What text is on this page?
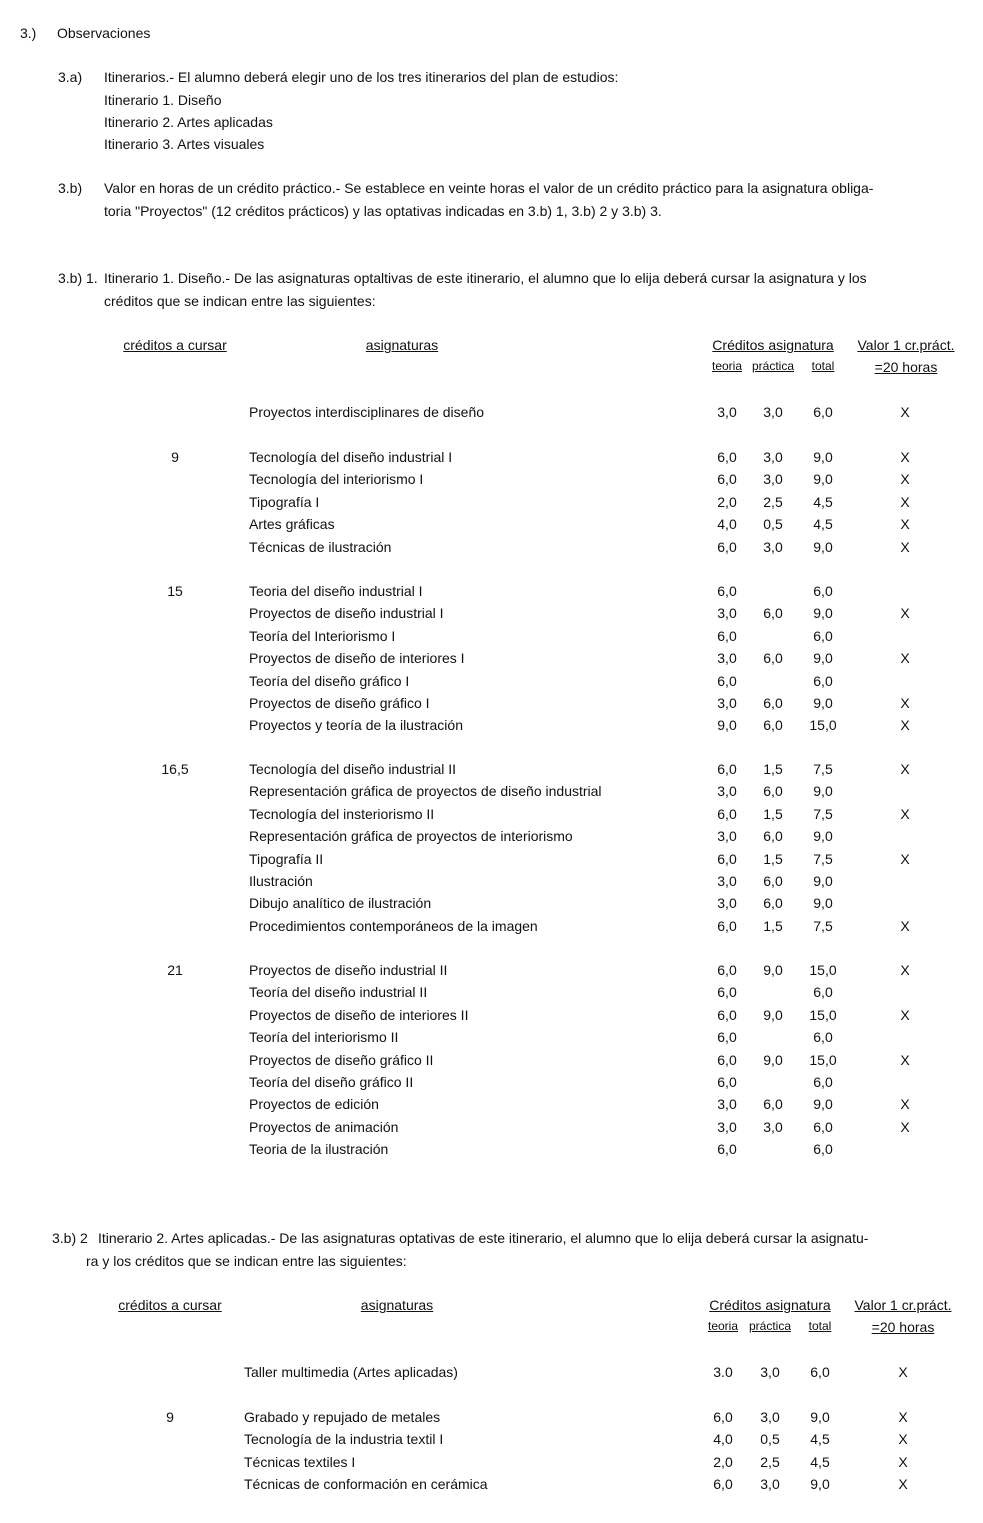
3.) Observaciones
3.a) Itinerarios.- El alumno deberá elegir uno de los tres itinerarios del plan de estudios:
Itinerario 1. Diseño
Itinerario 2. Artes aplicadas
Itinerario 3. Artes visuales
3.b) Valor en horas de un crédito práctico.- Se establece en veinte horas el valor de un crédito práctico para la asignatura obliga-
toria "Proyectos" (12 créditos prácticos) y las optativas indicadas en 3.b) 1, 3.b) 2 y 3.b) 3.
3.b) 1. Itinerario 1. Diseño.- De las asignaturas optaltivas de este itinerario, el alumno que lo elija deberá cursar la asignatura y los
créditos que se indican entre las siguientes:
créditos a cursar	asignaturas	Créditos asignatura Valor 1 cr.práct.
teoria práctica total	=20 horas
Proyectos interdisciplinares de diseño	3,0 3,0 6,0	X
9	Tecnología del diseño industrial I	6,0 3,0 9,0	X
Tecnología del interiorismo I	6,0 3,0 9,0	X
Tipografía I	2,0 2,5 4,5	X
Artes gráficas	4,0 0,5 4,5	X
Técnicas de ilustración	6,0 3,0 9,0	X
15	Teoria del diseño industrial I	6,0	6,0
Proyectos de diseño industrial I	3,0 6,0 9,0	X
Teoría del Interiorismo I	6,0	6,0
Proyectos de diseño de interiores I	3,0 6,0 9,0	X
Teoría del diseño gráfico I	6,0	6,0
Proyectos de diseño gráfico I	3,0 6,0 9,0	X
Proyectos y teoría de la ilustración	9,0 6,0 15,0	X
16,5	Tecnología del diseño industrial II	6,0 1,5 7,5	X
Representación gráfica de proyectos de diseño industrial	3,0 6,0 9,0
Tecnología del insteriorismo II	6,0 1,5 7,5	X
Representación gráfica de proyectos de interiorismo	3,0 6,0 9,0
Tipografía II	6,0 1,5 7,5	X
Ilustración	3,0 6,0 9,0
Dibujo analítico de ilustración	3,0 6,0 9,0
Procedimientos contemporáneos de la imagen	6,0 1,5 7,5	X
21	Proyectos de diseño industrial II	6,0 9,0 15,0	X
Teoría del diseño industrial II	6,0	6,0
Proyectos de diseño de interiores II	6,0 9,0 15,0	X
Teoría del interiorismo II	6,0	6,0
Proyectos de diseño gráfico II	6,0 9,0 15,0	X
Teoría del diseño gráfico II	6,0	6,0
Proyectos de edición	3,0 6,0 9,0	X
Proyectos de animación	3,0 3,0 6,0	X
Teoria de la ilustración	6,0	6,0
3.b) 2 Itinerario 2. Artes aplicadas.- De las asignaturas optativas de este itinerario, el alumno que lo elija deberá cursar la asignatu-
ra y los créditos que se indican entre las siguientes:
créditos a cursar	asignaturas	Créditos asignatura Valor 1 cr.práct.
teoria práctica total	=20 horas
Taller multimedia (Artes aplicadas)	3.0 3,0 6,0	X
9	Grabado y repujado de metales	6,0 3,0 9,0	X
Tecnología de la industria textil I	4,0 0,5 4,5	X
Técnicas textiles I	2,0 2,5 4,5	X
Técnicas de conformación en cerámica	6,0 3,0 9,0	X
